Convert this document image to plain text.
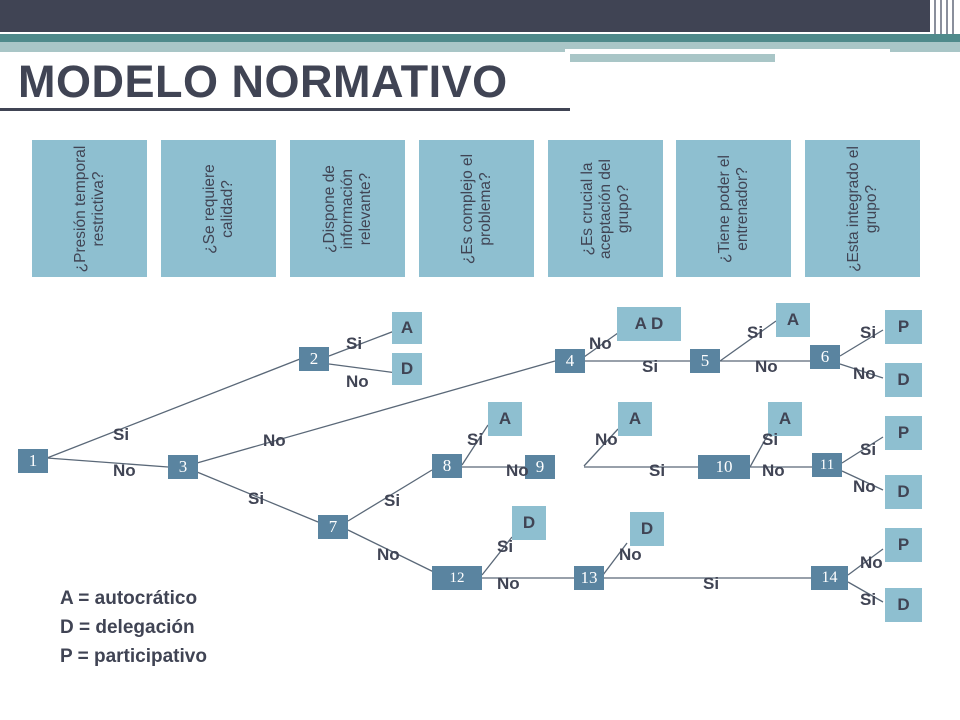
MODELO NORMATIVO
¿Presión temporal restrictiva?	¿Se requiere calidad?	¿Dispone de información relevante?	¿Es complejo el problema?	¿Es crucial la aceptación del grupo?	¿Tiene poder el entrenador?	¿Esta integrado el grupo?
1
2
3
4	5	6
7
8	9	10	11
12	13	14
A
D
A D	A	P
D
A	A	A
P
D
D	D
P
D
Si
No
Si
No
Si
No
No
Si	No
Si	Si
No
Si
No
Si
No
No
Si
Si
No
Si
No
Si
No	Si
No	No
Si
A = autocrático
D = delegación
P = participativo
